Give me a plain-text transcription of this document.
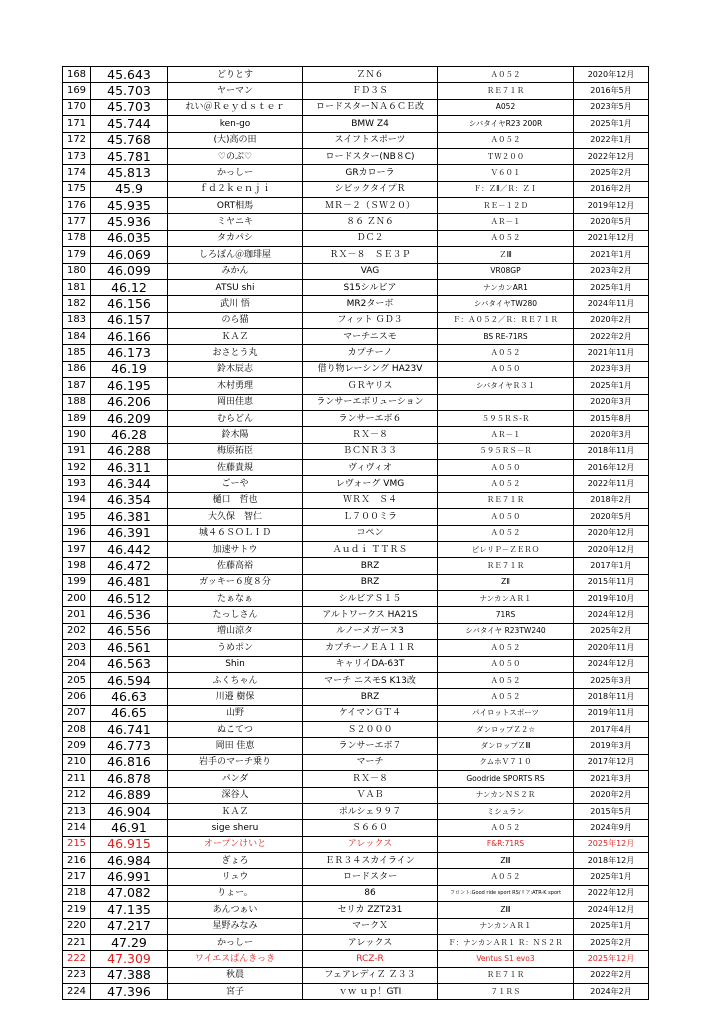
168	45.643	どりとす	ＺＮ６	Ａ０５２	2020年12月
169	45.703	ヤーマン	ＦＤ３Ｓ	ＲＥ７１Ｒ	2016年5月
170	45.703	れい＠Ｒｅｙｄｓｔｅｒ	ロードスターＮＡ６ＣＥ改	A052	2023年5月
171	45.744	ken-go	BMW Z4	シバタイヤR23 200R	2025年1月
172	45.768	(大)高の田	スイフトスポーツ	Ａ０５２	2022年1月
173	45.781	♡のぶ♡	ロードスター(NB８C)	ＴＷ２００	2022年12月
174	45.813	かっしー	GRカローラ	Ｖ６０１	2025年2月
175	45.9	ｆｄ２ｋｅｎｊｉ	シビックタイプＲ	Ｆ：ＺⅡ／Ｒ：ＺＩ	2016年2月
176	45.935	ORT相馬	ＭＲ－２（ＳＷ２０）	ＲＥ－１２Ｄ	2019年12月
177	45.936	ミヤニキ	８６ ＺＮ６	ＡＲ－１	2020年5月
178	46.035	タカパシ	ＤＣ２	Ａ０５２	2021年12月
179	46.069	しろぽん＠珈琲屋	ＲＸ－８　ＳＥ３Ｐ	ＺⅢ	2021年1月
180	46.099	みかん	VAG	VR08GP	2023年2月
181	46.12	ATSU shi	S15シルビア	ナンカンAR1	2025年1月
182	46.156	武川 悟	MR2ターボ	シバタイヤTW280	2024年11月
183	46.157	のら猫	フィット ＧＤ３	Ｆ：Ａ０５２／Ｒ：ＲＥ７１Ｒ	2020年2月
184	46.166	ＫＡＺ	マーチニスモ	BS RE-71RS	2022年2月
185	46.173	おさとう丸	カプチーノ	Ａ０５２	2021年11月
186	46.19	鈴木辰志	借り物レーシング HA23V	Ａ０５０	2023年3月
187	46.195	木村勇理	ＧＲヤリス	シバタイヤＲ３１	2025年1月
188	46.206	岡田佳恵	ランサーエボリューション		2020年3月
189	46.209	むらどん	ランサーエボ６	５９５ＲＳ-Ｒ	2015年8月
190	46.28	鈴木陽	ＲＸ－８	ＡＲ－１	2020年3月
191	46.288	梅原拓臣	ＢＣＮＲ３３	５９５ＲＳ－Ｒ	2018年11月
192	46.311	佐藤貴規	ヴィヴィオ	Ａ０５０	2016年12月
193	46.344	ごーや	レヴォーグ VMG	Ａ０５２	2022年11月
194	46.354	樋口　哲也	ＷＲＸ　Ｓ４	ＲＥ７１Ｒ	2018年2月
195	46.381	大久保　智仁	Ｌ７００ミラ	Ａ０５０	2020年5月
196	46.391	城４６ＳＯＬＩＤ	コペン	Ａ０５２	2020年12月
197	46.442	加速サトウ	Ａｕｄｉ ＴＴＲＳ	ピレリＰ－ＺＥＲＯ	2020年12月
198	46.472	佐藤高裕	BRZ	ＲＥ７１Ｒ	2017年1月
199	46.481	ガッキー６度８分	BRZ	ZⅡ	2015年11月
200	46.512	たぁなぁ	シルビアＳ１５	ナンカンＡＲ１	2019年10月
201	46.536	たっしさん	アルトワークス HA21S	71RS	2024年12月
202	46.556	増山涼タ	ルノーメガーヌ3	シバタイヤ R23TW240	2025年2月
203	46.561	うめポン	カプチーノＥＡ１１Ｒ	Ａ０５２	2020年11月
204	46.563	Shin	キャリイDA-63T	Ａ０５０	2024年12月
205	46.594	ふくちゃん	マーチ ニスモS K13改	Ａ０５２	2025年3月
206	46.63	川邉 樹保	BRZ	Ａ０５２	2018年11月
207	46.65	山野	ケイマンＧＴ４	パイロットスポーツ	2019年11月
208	46.741	ぬこてつ	Ｓ２０００	ダンロップＺ２☆	2017年4月
209	46.773	岡田 佳恵	ランサーエボ７	ダンロップＺⅢ	2019年3月
210	46.816	岩手のマーチ乗り	マーチ	クムホＶ７１０	2017年12月
211	46.878	パンダ	ＲＸ－８	Goodride SPORTS RS	2021年3月
212	46.889	深谷人	ＶＡＢ	ナンカンＮＳ２Ｒ	2020年2月
213	46.904	ＫＡＺ	ポルシェ９９７	ミシュラン	2015年5月
214	46.91	sige sheru	Ｓ６６０	Ａ０５２	2024年9月
215	46.915	オープンけいと	アレックス	F&R:71RS	2025年12月
216	46.984	ぎょろ	ＥＲ３４スカイライン	ZⅢ	2018年12月
217	46.991	リュウ	ロードスター	Ａ０５２	2025年1月
218	47.082	りょー。	86	フロント:Good ride sport RS/リア:ATR-K sport	2022年12月
219	47.135	あんつぁい	セリカ ZZT231	ZⅢ	2024年12月
220	47.217	星野みなみ	マークＸ	ナンカンＡＲ１	2025年1月
221	47.29	かっしー	アレックス	Ｆ：ナンカンＡＲ１ Ｒ：ＮＳ２Ｒ	2025年2月
222	47.309	ワイエスぱんきっき	RCZ-R	Ventus S1 evo3	2025年12月
223	47.388	秋晨	フェアレディＺ Ｚ３３	ＲＥ７１Ｒ	2022年2月
224	47.396	宮子	ｖｗ ｕｐ！GTI	７１ＲＳ	2024年2月
